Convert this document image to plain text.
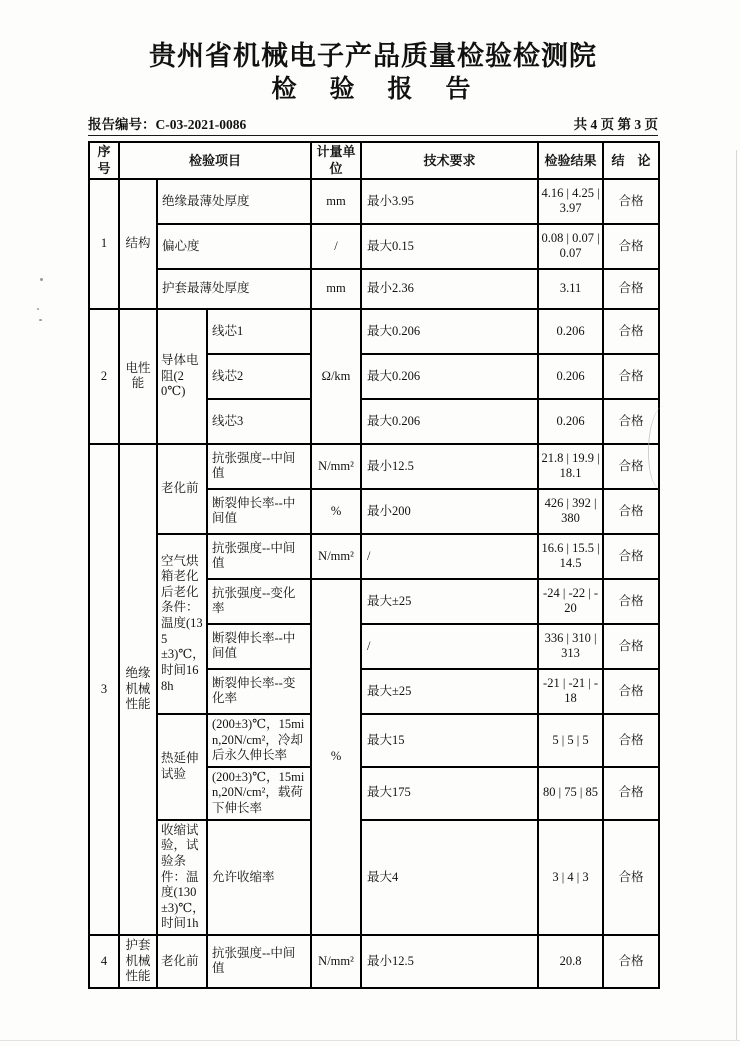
贵州省机械电子产品质量检验检测院
检　验　报　告
报告编号：C-03-2021-0086	共 4 页 第 3 页
序号	检验项目			计量单位	技术要求	检验结果	结　论
1	结构	绝缘最薄处厚度		mm	最小3.95	4.16 | 4.25 | 3.97	合格
		偏心度		/	最大0.15	0.08 | 0.07 | 0.07	合格
		护套最薄处厚度		mm	最小2.36	3.11	合格
2	电性能	导体电阻(20℃)	线芯1	Ω/km	最大0.206	0.206	合格
			线芯2		最大0.206	0.206	合格
			线芯3		最大0.206	0.206	合格
3	绝缘机械性能	老化前	抗张强度--中间值	N/mm²	最小12.5	21.8 | 19.9 | 18.1	合格
			断裂伸长率--中间值	%	最小200	426 | 392 | 380	合格
		空气烘箱老化后老化条件：温度(135±3)℃，时间168h	抗张强度--中间值	N/mm²	/	16.6 | 15.5 | 14.5	合格
			抗张强度--变化率	%	最大±25	-24 | -22 | -20	合格
			断裂伸长率--中间值		/	336 | 310 | 313	合格
			断裂伸长率--变化率		最大±25	-21 | -21 | -18	合格
		热延伸试验	(200±3)℃，15min,20N/cm²，冷却后永久伸长率		最大15	5 | 5 | 5	合格
			(200±3)℃，15min,20N/cm²，载荷下伸长率		最大175	80 | 75 | 85	合格
		收缩试验，试验条件：温度(130±3)℃，时间1h	允许收缩率		最大4	3 | 4 | 3	合格
4	护套机械性能	老化前	抗张强度--中间值	N/mm²	最小12.5	20.8	合格
